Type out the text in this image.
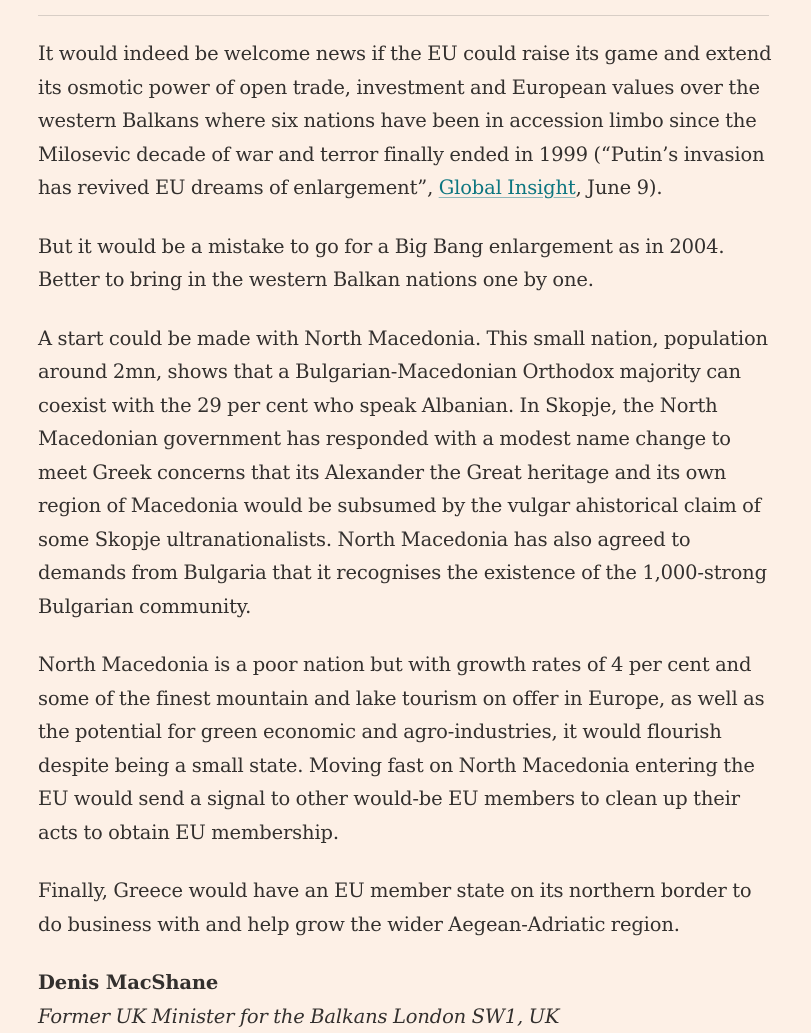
It would indeed be welcome news if the EU could raise its game and extend its osmotic power of open trade, investment and European values over the western Balkans where six nations have been in accession limbo since the Milosevic decade of war and terror finally ended in 1999 (“Putin’s invasion has revived EU dreams of enlargement”, Global Insight, June 9).

But it would be a mistake to go for a Big Bang enlargement as in 2004. Better to bring in the western Balkan nations one by one.

A start could be made with North Macedonia. This small nation, population around 2mn, shows that a Bulgarian-Macedonian Orthodox majority can coexist with the 29 per cent who speak Albanian. In Skopje, the North Macedonian government has responded with a modest name change to meet Greek concerns that its Alexander the Great heritage and its own region of Macedonia would be subsumed by the vulgar ahistorical claim of some Skopje ultranationalists. North Macedonia has also agreed to demands from Bulgaria that it recognises the existence of the 1,000-strong Bulgarian community.

North Macedonia is a poor nation but with growth rates of 4 per cent and some of the finest mountain and lake tourism on offer in Europe, as well as the potential for green economic and agro-industries, it would flourish despite being a small state. Moving fast on North Macedonia entering the EU would send a signal to other would-be EU members to clean up their acts to obtain EU membership.

Finally, Greece would have an EU member state on its northern border to do business with and help grow the wider Aegean-Adriatic region.

Denis MacShane

Former UK Minister for the Balkans London SW1, UK
